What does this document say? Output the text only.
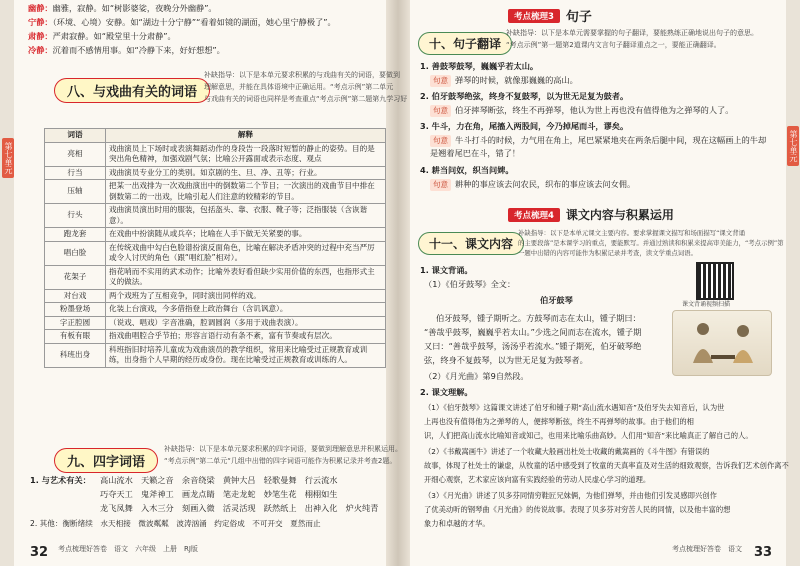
幽静：幽雅，寂静。如“树影婆娑，夜晚分外幽静”。
宁静：（环境、心境）安静。如“湖边十分宁静”“看着如镜的湖面，她心里宁静极了”。
肃静：严肃寂静。如“殿堂里十分肃静”。
冷静：沉着而不感情用事。如“冷静下来，好好想想”。
八、与戏曲有关的词语
补缺指导：以下是本单元要求积累的与戏曲有关的词语，要做到
理解意思，并能在具体语境中正确运用。“考点示例”第二单元
与戏曲有关的词语也同样是考查重点“考点示例”第二题第九学习好
词语	解释
亮相	戏曲演员上下场时或表演舞蹈动作的身段告一段落时短暂的静止的姿势。目的是突出角色精神，加强戏剧气氛；比喻公开露面或表示态度、观点
行当	戏曲演员专业分工的类别。如京剧的生、旦、净、丑等；行业。
压轴	把某一出戏排为一次戏曲演出中的倒数第二个节目；一次演出的戏曲节目中排在倒数第二的一出戏，比喻引起人们注意的较精彩的节目。
行头	戏曲演员演出时用的服装，包括盔头、靠、衣服、靴子等；泛指服装（含诙谐意）。
跑龙套	在戏曲中扮演随从或兵卒；比喻在人手下做无关紧要的事。
唱白脸	在传统戏曲中勾白色脸谱扮演反面角色，比喻在解决矛盾冲突的过程中充当严厉或令人讨厌的角色（跟“唱红脸”相对）。
花架子	指花哨而不实用的武术动作；比喻外表好看但缺少实用价值的东西，也指形式主义的做法。
对台戏	两个戏班为了互相竞争，同时演出同样的戏。
粉墨登场	化装上台演戏，今多借指登上政治舞台（含讥讽意）。
字正腔圆	（说戏、唱戏）字音准确，腔调圆润（多用于戏曲表演）。
有板有眼	指戏曲唱腔合乎节拍；形容言语行动有条不紊，富有节奏或有层次。
科班出身	科班指旧时培养儿童成为戏曲演员的教学组织，常用来比喻受过正规教育或训练，出身指个人早期的经历或身份。现在比喻受过正规教育或训练的人。
九、四字词语
补缺指导：以下是本单元要求积累的四字词语，要做到理解意思并积累运用。
“考点示例”第二单元“几组中出错的四字词语可能作为积累记录并考查2题。
1. 与艺术有关： 高山流水　天籁之音　余音绕梁　黄钟大吕　轻歌曼舞　行云流水
巧夺天工　鬼斧神工　画龙点睛　笔走龙蛇　妙笔生花　栩栩如生
龙飞凤舞　入木三分　刻画入微　活灵活现　跃然纸上　出神入化　炉火纯青
2. 其他：衡断绪续　水天相接　微波粼粼　波涛汹涌　约定俗成　不可开交　夏然而止
32 考点梳理好答卷　语文　六年级　上册　RJ版
第七单元
考点梳理3 句子
十、句子翻译
补缺指导：以下是本单元需要掌握的句子翻译，要能熟练正确地说出句子的意思。
“考点示例”第一题第2道课内文言句子翻译重点之一，要能正确翻译。
1. 善鼓琴鼓琴，巍巍乎若太山。
句意 弹琴的时候，就像那巍巍的高山。
2. 伯牙鼓琴绝弦，终身不复鼓琴，以为世无足复为鼓者。
句意 伯牙摔琴断弦，终生不再弹琴，他认为世上再也没有值得他为之弹琴的人了。
3. 牛斗，力在角，尾搐入两股间，今乃掉尾而斗，谬矣。
句意 牛斗打斗的时候，力气用在角上，尾巴紧紧地夹在两条后腿中间，现在这幅画上的牛却是翘着尾巴在斗，错了！
4. 耕当问奴，织当问婢。
句意 耕种的事应该去问农民，织布的事应该去问女佣。
考点梳理4	课文内容与积累运用
十一、课文内容
补缺指导：以下是本单元课文主要内容。要求掌握课文描写和场面描写“课文背诵
的主要段落”是本课学习的重点，要能默写。并通过熟读和积累来提高审美能力，“考点示例”第
一题中出错的内容可能作为积累记录并考查，读文学重点词语。
1. 课文背诵。
（1）《伯牙鼓琴》全文：
课文背诵视频扫描
伯牙鼓琴
伯牙鼓琴，锺子期听之。方鼓琴而志在太山，锺子期曰：
“善哉乎鼓琴，巍巍乎若太山。”少选之间而志在流水，锺子期
又曰：“善哉乎鼓琴，汤汤乎若流水。”锺子期死，伯牙破琴绝
弦，终身不复鼓琴，以为世无足复为鼓琴者。
（2）《月光曲》第9自然段。
2. 课文理解。
（1）《伯牙鼓琴》这篇课文讲述了伯牙和锺子期“高山流水遇知音”及伯牙失去知音后，认为世
上再也没有值得他为之弹琴的人，便摔琴断弦，终生不再弹琴的故事。由于他们的相
识，人们把高山流水比喻知音或知己，也用来比喻乐曲高妙。人们用“知音”来比喻真正了解自己的人。
（2）《书戴嵩画牛》讲述了一个收藏大般画出杜处士收藏的戴嵩画的《斗牛图》有错误的
故事，体现了杜处士的谦虚，从牧童的话中感受到了牧童的天真率直及对生活的细致观察，告诉我们艺术创作离不
开细心观察，艺术家应该向富有实践经验的劳动人民虚心学习的道理。
（3）《月光曲》讲述了贝多芬同情穷鞋匠兄妹俩，为他们弹琴，并由他们引发灵感即兴创作
了优美动听的钢琴曲《月光曲》的传说故事。表现了贝多芬对穷苦人民的同情，以及他丰富的想
象力和卓越的才华。
考点梳理好答卷　语文 33
第七单元
